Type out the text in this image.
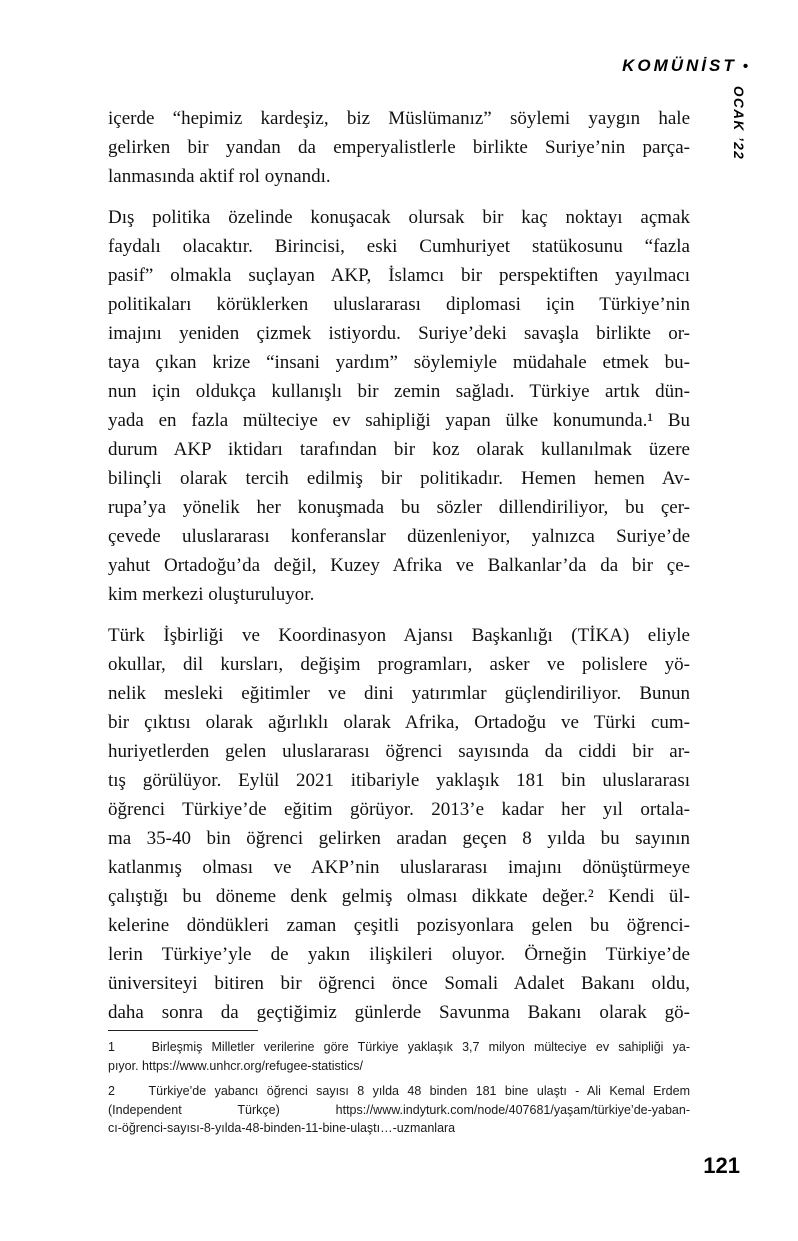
KOMÜNİST •
OCAK ’22
içerde “hepimiz kardeşiz, biz Müslümanız” söylemi yaygın hale
gelirken bir yandan da emperyalistlerle birlikte Suriye’nin parça-
lanmasında aktif rol oynandı.
Dış politika özelinde konuşacak olursak bir kaç noktayı açmak
faydalı olacaktır. Birincisi, eski Cumhuriyet statükosunu “fazla
pasif” olmakla suçlayan AKP, İslamcı bir perspektiften yayılmacı
politikaları körüklerken uluslararası diplomasi için Türkiye’nin
imajını yeniden çizmek istiyordu. Suriye’deki savaşla birlikte or-
taya çıkan krize “insani yardım” söylemiyle müdahale etmek bu-
nun için oldukça kullanışlı bir zemin sağladı. Türkiye artık dün-
yada en fazla mülteciye ev sahipliği yapan ülke konumunda.¹ Bu
durum AKP iktidarı tarafından bir koz olarak kullanılmak üzere
bilinçli olarak tercih edilmiş bir politikadır. Hemen hemen Av-
rupa’ya yönelik her konuşmada bu sözler dillendiriliyor, bu çer-
çevede uluslararası konferanslar düzenleniyor, yalnızca Suriye’de
yahut Ortadoğu’da değil, Kuzey Afrika ve Balkanlar’da da bir çe-
kim merkezi oluşturuluyor.
Türk İşbirliği ve Koordinasyon Ajansı Başkanlığı (TİKA) eliyle
okullar, dil kursları, değişim programları, asker ve polislere yö-
nelik mesleki eğitimler ve dini yatırımlar güçlendiriliyor. Bunun
bir çıktısı olarak ağırlıklı olarak Afrika, Ortadoğu ve Türki cum-
huriyetlerden gelen uluslararası öğrenci sayısında da ciddi bir ar-
tış görülüyor. Eylül 2021 itibariyle yaklaşık 181 bin uluslararası
öğrenci Türkiye’de eğitim görüyor. 2013’e kadar her yıl ortala-
ma 35-40 bin öğrenci gelirken aradan geçen 8 yılda bu sayının
katlanmış olması ve AKP’nin uluslararası imajını dönüştürmeye
çalıştığı bu döneme denk gelmiş olması dikkate değer.² Kendi ül-
kelerine döndükleri zaman çeşitli pozisyonlara gelen bu öğrenci-
lerin Türkiye’yle de yakın ilişkileri oluyor. Örneğin Türkiye’de
üniversiteyi bitiren bir öğrenci önce Somali Adalet Bakanı oldu,
daha sonra da geçtiğimiz günlerde Savunma Bakanı olarak gö-
1    Birleşmiş Milletler verilerine göre Türkiye yaklaşık 3,7 milyon mülteciye ev sahipliği ya-
pıyor. https://www.unhcr.org/refugee-statistics/
2    Türkiye’de yabancı öğrenci sayısı 8 yılda 48 binden 181 bine ulaştı - Ali Kemal Erdem
(Independent Türkçe) https://www.indyturk.com/node/407681/yaşam/türkiye’de-yaban-
cı-öğrenci-sayısı-8-yılda-48-binden-11-bine-ulaştı…-uzmanlara
121
